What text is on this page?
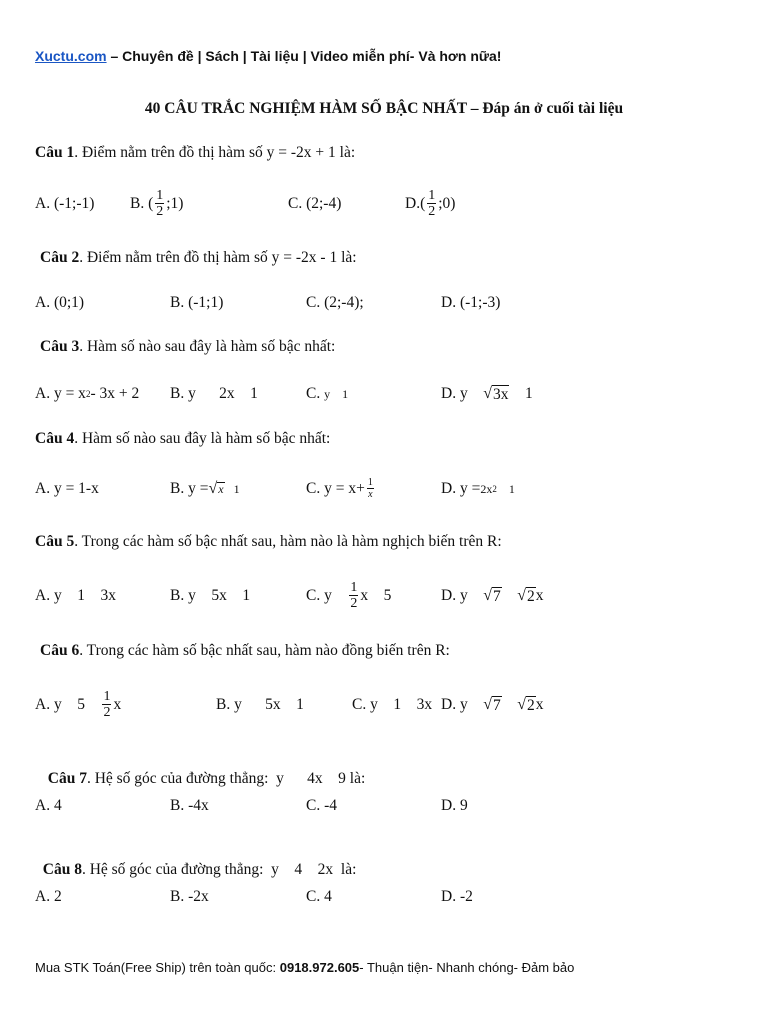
Xuctu.com – Chuyên đề | Sách | Tài liệu | Video miễn phí- Và hơn nữa!
40 CÂU TRẮC NGHIỆM HÀM SỐ BẬC NHẤT – Đáp án ở cuối tài liệu
Câu 1. Điểm nằm trên đồ thị hàm số y = -2x + 1 là:
A. (-1;-1) B. ( $\frac{1}{2}$ ;1)	C. (2;-4)	$D.( \frac{1}{2}$ ;0)
Câu 2. Điểm nằm trên đồ thị hàm số y = -2x - 1 là:
A. (0;1)	B. (-1;1)	C. (2;-4);	D. (-1;-3)
Câu 3. Hàm số nào sau đây là hàm số bậc nhất:
A. y = x 2 - 3x + 2 B. y      2x    1	C. y    1	D. y √ 3x 1
Câu 4. Hàm số nào sau đây là hàm số bậc nhất:
A. y = 1-x	B. y = √ x 1	C. $y = x+ \frac{1}{x}$	D. y = 2x 2 1
Câu 5. Trong các hàm số bậc nhất sau, hàm nào là hàm nghịch biến trên R:
A. y    1    3x	B. y    5x    1	C. y $\frac{1}{2}$ x    5	D. y √ 7
√ 2 x
Câu 6. Trong các hàm số bậc nhất sau, hàm nào đồng biến trên R:
A. y    $5 \frac{1}{2}$ x	B. y      5x    1	C. y    1    3x D. y √ 7
√ 2 x

Câu 7. Hệ số góc của đường thẳng:  y      4x    9 là:

A. 4	B. -4x	C. -4	D. 9

Câu 8. Hệ số góc của đường thẳng:  y    4    2x  là:

A. 2	B. -2x	C. 4	D. -2
Mua STK Toán(Free Ship) trên toàn quốc: 0918.972.605- Thuận tiện- Nhanh chóng- Đảm bảo
